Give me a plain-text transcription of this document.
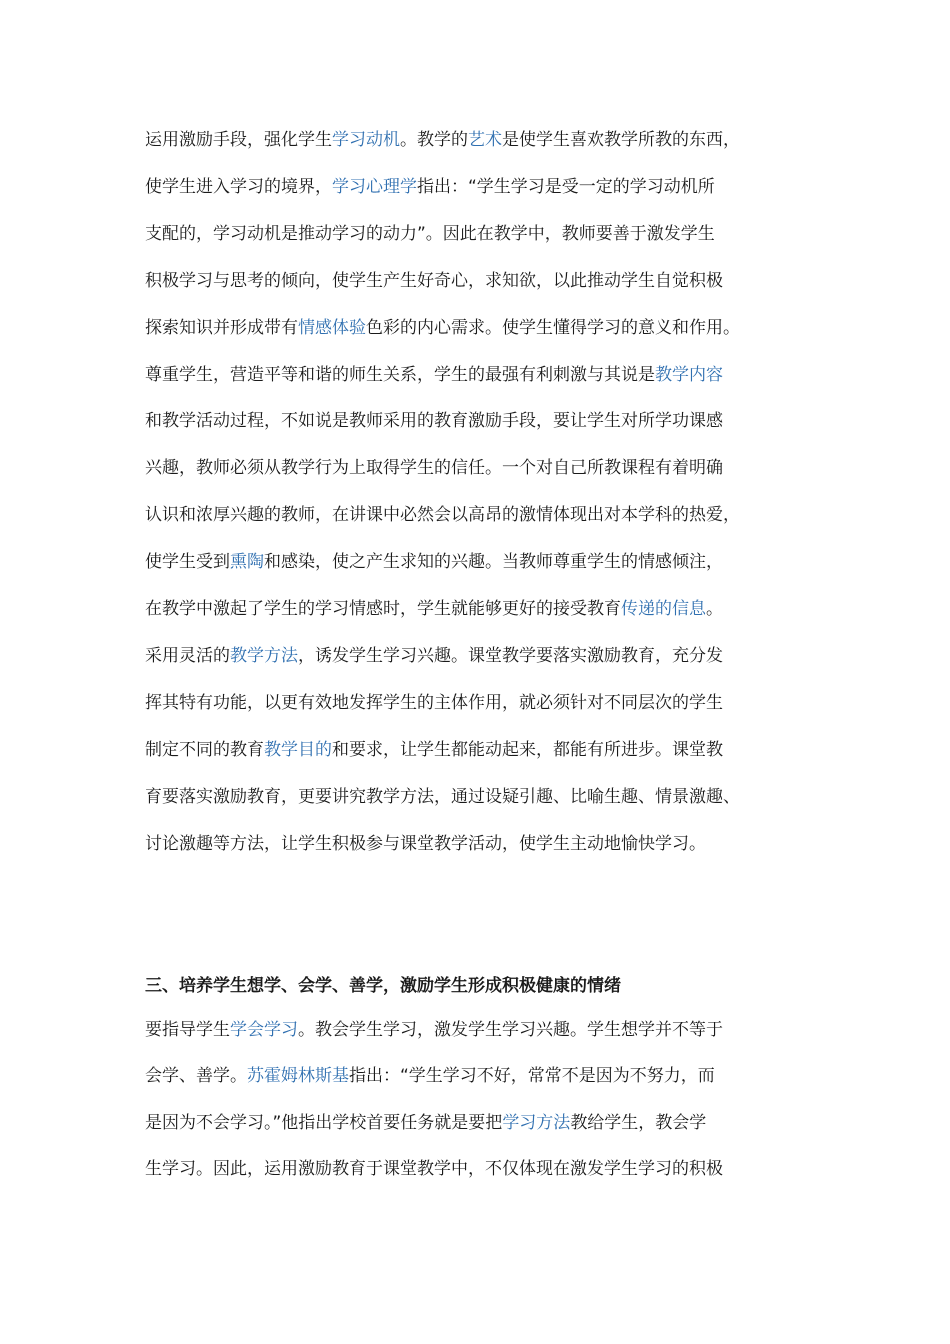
运用激励手段，强化学生学习动机。教学的艺术是使学生喜欢教学所教的东西，
使学生进入学习的境界，学习心理学指出：“学生学习是受一定的学习动机所
支配的，学习动机是推动学习的动力”。因此在教学中，教师要善于激发学生
积极学习与思考的倾向，使学生产生好奇心，求知欲，以此推动学生自觉积极
探索知识并形成带有情感体验色彩的内心需求。使学生懂得学习的意义和作用。
尊重学生，营造平等和谐的师生关系，学生的最强有利刺激与其说是教学内容
和教学活动过程，不如说是教师采用的教育激励手段，要让学生对所学功课感
兴趣，教师必须从教学行为上取得学生的信任。一个对自己所教课程有着明确
认识和浓厚兴趣的教师，在讲课中必然会以高昂的激情体现出对本学科的热爱，
使学生受到熏陶和感染，使之产生求知的兴趣。当教师尊重学生的情感倾注，
在教学中激起了学生的学习情感时，学生就能够更好的接受教育传递的信息。
采用灵活的教学方法，诱发学生学习兴趣。课堂教学要落实激励教育，充分发
挥其特有功能，以更有效地发挥学生的主体作用，就必须针对不同层次的学生
制定不同的教育教学目的和要求，让学生都能动起来，都能有所进步。课堂教
育要落实激励教育，更要讲究教学方法，通过设疑引趣、比喻生趣、情景激趣、
讨论激趣等方法，让学生积极参与课堂教学活动，使学生主动地愉快学习。
三、培养学生想学、会学、善学，激励学生形成积极健康的情绪
要指导学生学会学习。教会学生学习，激发学生学习兴趣。学生想学并不等于
会学、善学。苏霍姆林斯基指出：“学生学习不好，常常不是因为不努力，而
是因为不会学习。”他指出学校首要任务就是要把学习方法教给学生，教会学
生学习。因此，运用激励教育于课堂教学中，不仅体现在激发学生学习的积极
